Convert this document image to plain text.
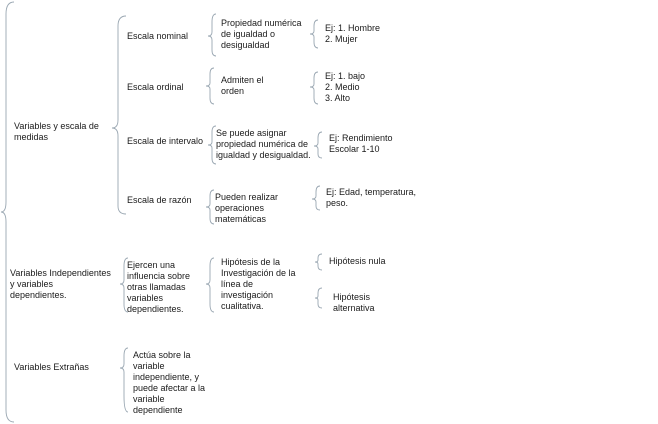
Variables y escala de
medidas
Escala nominal
Propiedad numérica
de igualdad o
desigualdad
Ej: 1. Hombre
2. Mujer
Escala ordinal
Admiten el
orden
Ej: 1. bajo
2. Medio
3. Alto
Escala de intervalo
Se puede asignar
propiedad numérica de
igualdad y desigualdad.
Ej: Rendimiento
Escolar 1-10
Escala de razón	Pueden realizar
operaciones
matemáticas
Ej: Edad, temperatura,
peso.
Variables Independientes
y variables
dependientes.
Ejercen una
influencia sobre
otras llamadas
variables
dependientes.
Hipótesis de la
Investigación de la
línea de
investigación
cualitativa.
Hipótesis nula
Hipótesis
alternativa
Variables Extrañas
Actúa sobre la
variable
independiente, y
puede afectar a la
variable
dependiente
